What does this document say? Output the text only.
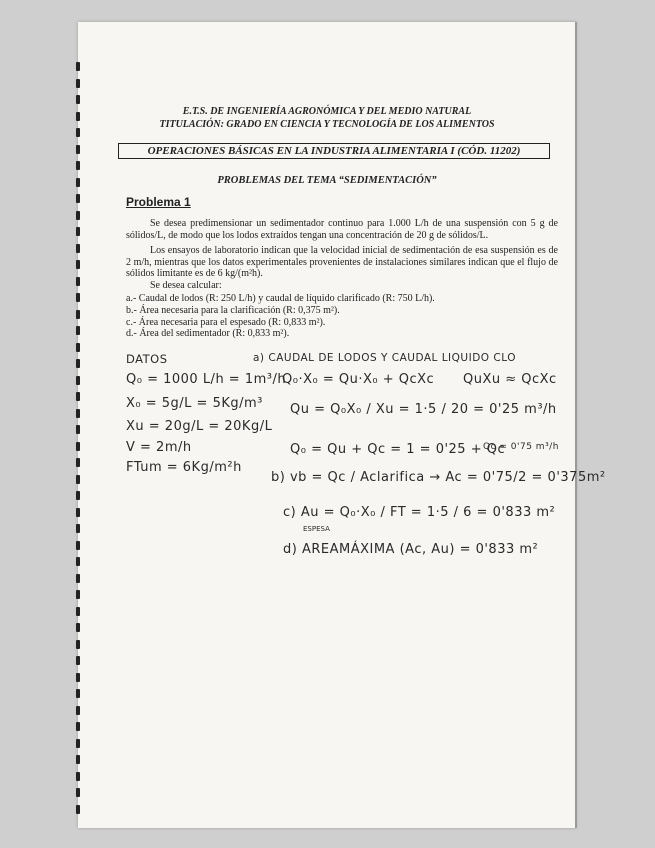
E.T.S. DE INGENIERÍA AGRONÓMICA Y DEL MEDIO NATURAL
TITULACIÓN: GRADO EN CIENCIA Y TECNOLOGÍA DE LOS ALIMENTOS
OPERACIONES BÁSICAS EN LA INDUSTRIA ALIMENTARIA I (CÓD. 11202)
PROBLEMAS DEL TEMA “SEDIMENTACIÓN”
Problema 1
Se desea predimensionar un sedimentador continuo para 1.000 L/h de una suspensión con 5 g de sólidos/L, de modo que los lodos extraídos tengan una concentración de 20 g de sólidos/L.
Los ensayos de laboratorio indican que la velocidad inicial de sedimentación de esa suspensión es de 2 m/h, mientras que los datos experimentales provenientes de instalaciones similares indican que el flujo de sólidos limitante es de 6 kg/(m²h).
Se desea calcular:
a.- Caudal de lodos (R: 250 L/h) y caudal de líquido clarificado (R: 750 L/h).
b.- Área necesaria para la clarificación (R: 0,375 m²).
c.- Área necesaria para el espesado (R: 0,833 m²).
d.- Área del sedimentador (R: 0,833 m²).
DATOS	a) CAUDAL DE LODOS Y CAUDAL LIQUIDO CLO
Q₀ = 1000 L/h = 1m³/h
Q₀·X₀ = Qu·X₀ + QcXc QuXu ≈ QcXc
X₀ = 5g/L = 5Kg/m³ Qu = Q₀X₀ / Xu = 1·5 / 20 = 0'25 m³/h
Xu = 20g/L = 20Kg/L
V = 2m/h	Q₀ = Qu + Qc = 1 = 0'25 + Qc
Qc = 0'75 m³/h
FTum = 6Kg/m²h
b) vb = Qc / Aclarifica → Ac = 0'75/2 = 0'375m²
c) Au = Q₀·X₀ / FT = 1·5 / 6 = 0'833 m²
ESPESA
d) AREAMÁXIMA (Ac, Au) = 0'833 m²
